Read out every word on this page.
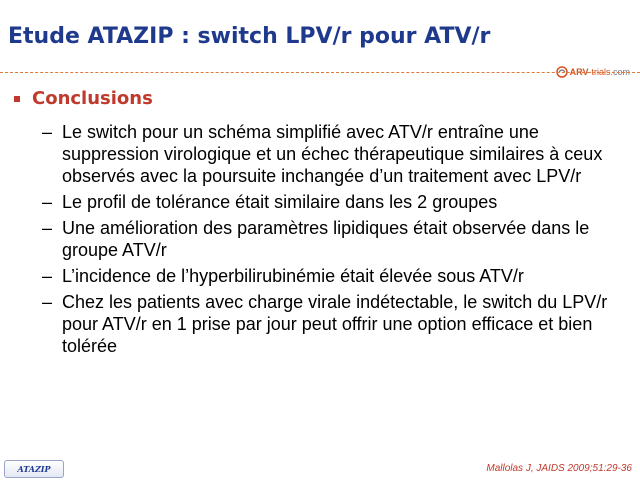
Etude ATAZIP : switch LPV/r pour ATV/r
ARV -trials .com
Conclusions
– Le switch pour un schéma simplifié avec ATV/r entraîne une suppression virologique et un échec thérapeutique similaires à ceux observés avec la poursuite inchangée d’un traitement avec LPV/r
– Le profil de tolérance était similaire dans les 2 groupes
– Une amélioration des paramètres lipidiques était observée dans le groupe ATV/r
– L’incidence de l’hyperbilirubinémie était élevée sous ATV/r
– Chez les patients avec charge virale indétectable, le switch du LPV/r pour ATV/r en 1 prise par jour peut offrir une option efficace et bien tolérée
ATAZIP	Mallolas J, JAIDS 2009;51:29-36
